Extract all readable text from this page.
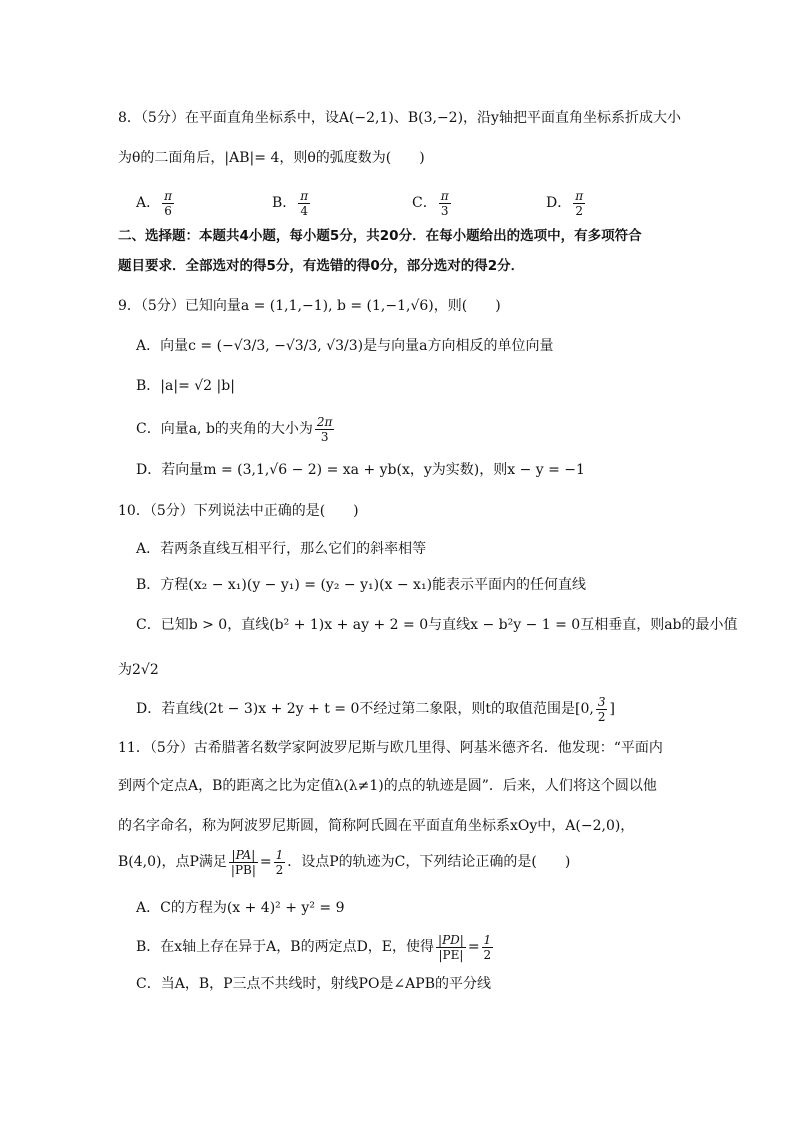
8．（5分）在平面直角坐标系中，设A(−2,1)、B(3,−2)，沿y轴把平面直角坐标系折成大小
为θ的二面角后，|AB|= 4，则θ的弧度数为(　　)
A． $\frac{\pi}{6}$	B． $\frac{\pi}{4}$	C． $\frac{\pi}{3}$	D． $\frac{\pi}{2}$
二、选择题：本题共4小题，每小题5分，共20分．在每小题给出的选项中，有多项符合
题目要求．全部选对的得5分，有选错的得0分，部分选对的得2分．
9．（5分）已知向量a = (1,1,−1), b = (1,−1,√6)，则(　　)
A．向量c = (−√3/3, −√3/3, √3/3)是与向量a方向相反的单位向量
B．|a|= √2 |b|
C．向量a, b的夹角的大小为 $\frac{2\pi}{3}$
D．若向量m = (3,1,√6 − 2) = xa + yb(x，y为实数)，则x − y = −1
10．（5分）下列说法中正确的是(　　)
A．若两条直线互相平行，那么它们的斜率相等
B．方程(x₂ − x₁)(y − y₁) = (y₂ − y₁)(x − x₁)能表示平面内的任何直线
C．已知b > 0，直线(b² + 1)x + ay + 2 = 0与直线x − b²y − 1 = 0互相垂直，则ab的最小值
为2√2
D．若直线(2t − 3)x + 2y + t = 0不经过第二象限，则t的取值范围是[0, $\frac{3}{2}$ ]
11．（5分）古希腊著名数学家阿波罗尼斯与欧几里得、阿基米德齐名．他发现：“平面内
到两个定点A，B的距离之比为定值λ(λ≠1)的点的轨迹是圆”．后来，人们将这个圆以他
的名字命名，称为阿波罗尼斯圆，简称阿氏圆在平面直角坐标系xOy中，A(−2,0)，
B(4,0)，点P满足 $\frac{|PA|}{|PB|} = \frac{1}{2}$ ．设点P的轨迹为C，下列结论正确的是(　　)
A．C的方程为(x + 4)² + y² = 9
B．在x轴上存在异于A，B的两定点D，E，使得 $\frac{|PD|}{|PE|} = \frac{1}{2}$
C．当A，B，P三点不共线时，射线PO是∠APB的平分线
